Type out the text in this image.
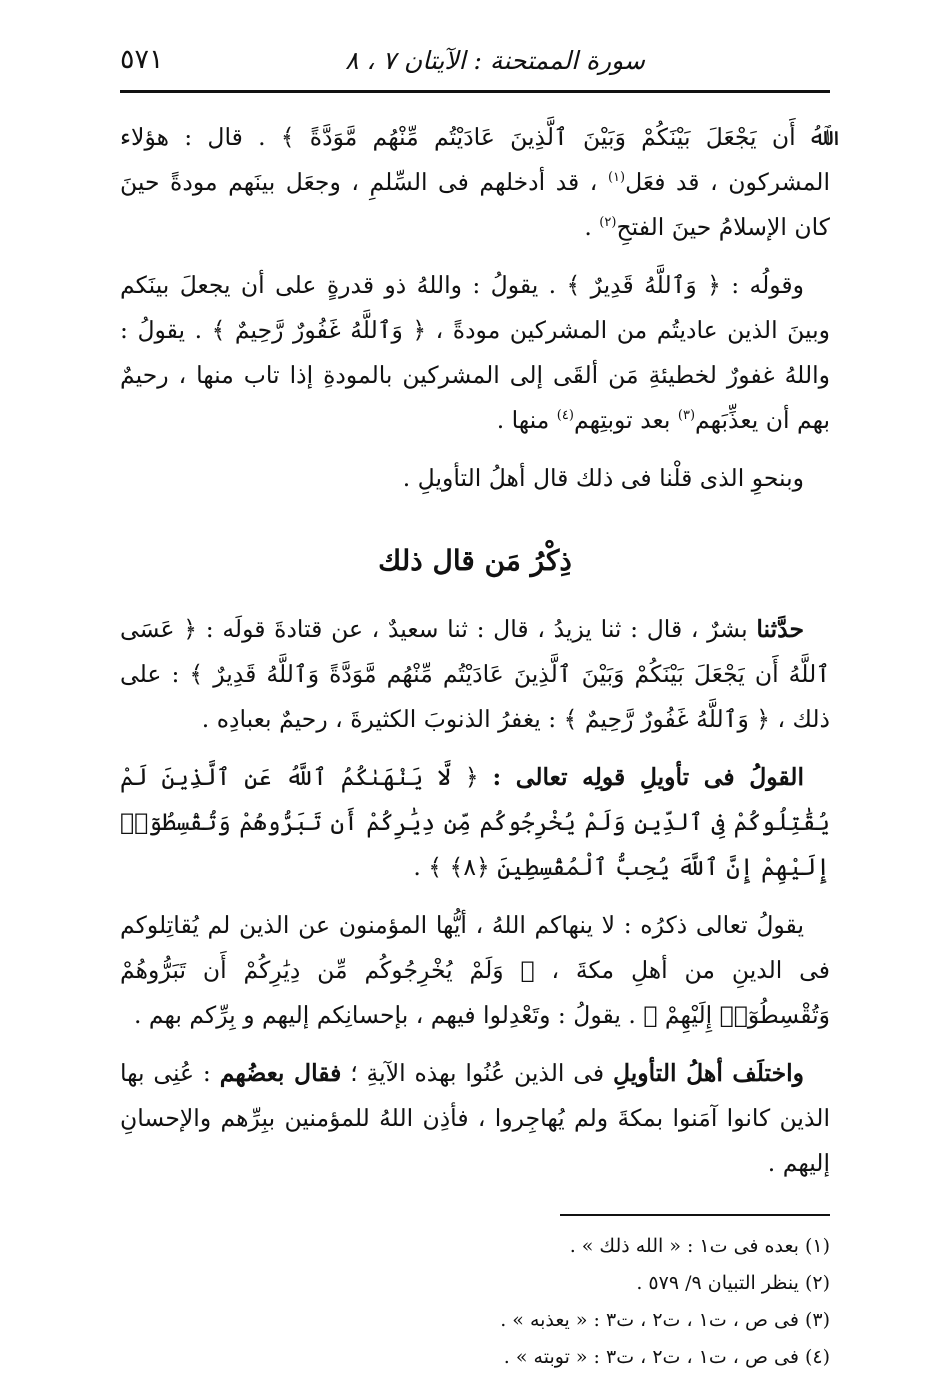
سورة الممتحنة : الآيتان ٧ ، ٨
٥٧١

ﭐﷲُ أَن يَجْعَلَ بَيْنَكُمْ وَبَيْنَ ٱلَّذِينَ عَادَيْتُم مِّنْهُم مَّوَدَّةً ﴾ . قال : هؤلاء المشركون ، قد فعَل$^{(١)}$ ، قد أدخلهم فى السِّلمِ ، وجعَل بينَهم مودةً حينَ كان الإسلامُ حينَ الفتحِ$^{(٢)}$ .

وقولُه : ﴿ وَٱللَّهُ قَدِيرٌ ﴾ . يقولُ : واللهُ ذو قدرةٍ على أن يجعلَ بينَكم وبينَ الذين عاديتُم من المشركين مودةً ، ﴿ وَٱللَّهُ غَفُورٌ رَّحِيمٌ ﴾ . يقولُ : واللهُ غفورٌ لخطيئةِ مَن ألقَى إلى المشركين بالمودةِ إذا تاب منها ، رحيمٌ بهم أن يعذِّبَهم$^{(٣)}$ بعد توبتِهم$^{(٤)}$ منها .

وبنحوِ الذى قلْنا فى ذلك قال أهلُ التأويلِ .

ذِكْرُ مَن قال ذلك

حدَّثنا بشرٌ ، قال : ثنا يزيدُ ، قال : ثنا سعيدٌ ، عن قتادةَ قولَه : ﴿ عَسَى ٱللَّهُ أَن يَجْعَلَ بَيْنَكُمْ وَبَيْنَ ٱلَّذِينَ عَادَيْتُم مِّنْهُم مَّوَدَّةً وَٱللَّهُ قَدِيرٌ ﴾ : على ذلك ، ﴿ وَٱللَّهُ غَفُورٌ رَّحِيمٌ ﴾ : يغفرُ الذنوبَ الكثيرةَ ، رحيمٌ بعبادِه .

القولُ فى تأويلِ قولِه تعالى : ﴿ لَّا يَنْهَىٰكُمُ ٱللَّهُ عَنِ ٱلَّذِينَ لَمْ يُقَٰتِلُوكُمْ فِى ٱلدِّينِ وَلَمْ يُخْرِجُوكُم مِّن دِيَٰرِكُمْ أَن تَبَرُّوهُمْ وَتُقْسِطُوٓا۟ إِلَيْهِمْ إِنَّ ٱللَّهَ يُحِبُّ ٱلْمُقْسِطِينَ ﴿٨﴾ ﴾ .

يقولُ تعالى ذكرُه : لا ينهاكم اللهُ ، أيُّها المؤمنون عن الذين لم يُقاتِلوكم فى الدينِ من أهلِ مكةَ ، ﴿ وَلَمْ يُخْرِجُوكُم مِّن دِيَٰرِكُمْ أَن تَبَرُّوهُمْ وَتُقْسِطُوٓا۟ إِلَيْهِمْ ﴾ . يقولُ : وتَعْدِلوا فيهم ، بإحسانِكم إليهم و بِرِّكم بهم .

واختلَف أهلُ التأويلِ فى الذين عُنُوا بهذه الآيةِ ؛ فقال بعضُهم : عُنِى بها الذين كانوا آمَنوا بمكةَ ولم يُهاجِروا ، فأذِن اللهُ للمؤمنين ببِرِّهم والإحسانِ إليهم .

(١) بعده فى ت١ : « الله ذلك » .

(٢) ينظر التبيان ٩/ ٥٧٩ .

(٣) فى ص ، ت١ ، ت٢ ، ت٣ : « يعذبه » .

(٤) فى ص ، ت١ ، ت٢ ، ت٣ : « توبته » .
